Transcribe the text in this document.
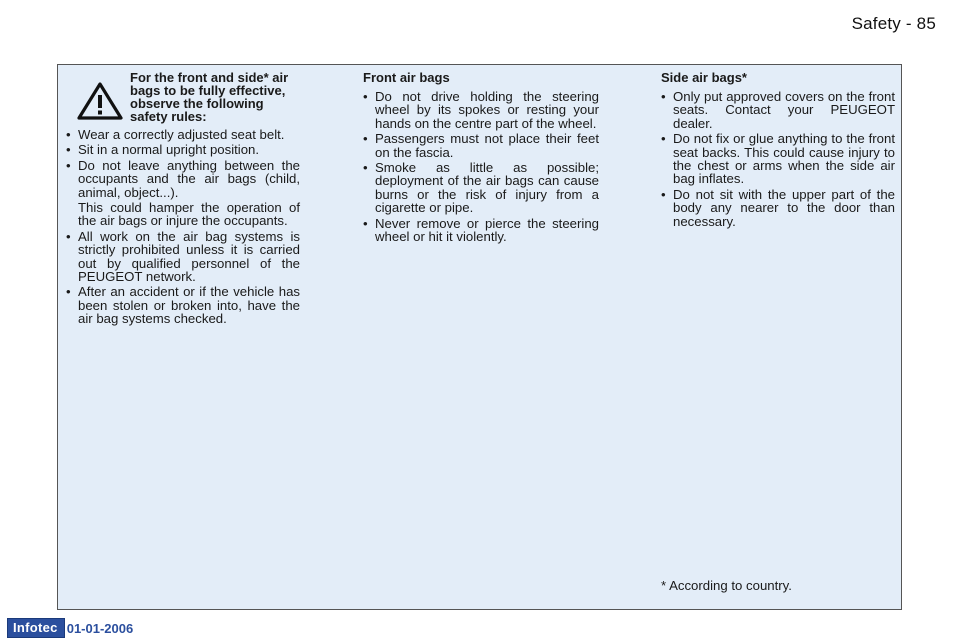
Safety - 85
For the front and side* air bags to be fully effective, observe the following safety rules:
• Wear a correctly adjusted seat belt.
• Sit in a normal upright position.
• Do not leave anything between the occupants and the air bags (child, animal, object...).
This could hamper the operation of the air bags or injure the occupants.
• All work on the air bag systems is strictly prohibited unless it is carried out by qualified personnel of the PEUGEOT network.
• After an accident or if the vehicle has been stolen or broken into, have the air bag systems checked.
Front air bags
• Do not drive holding the steering wheel by its spokes or resting your hands on the centre part of the wheel.
• Passengers must not place their feet on the fascia.
• Smoke as little as possible; deployment of the air bags can cause burns or the risk of injury from a cigarette or pipe.
• Never remove or pierce the steering wheel or hit it violently.
Side air bags*
• Only put approved covers on the front seats. Contact your PEUGEOT dealer.
• Do not fix or glue anything to the front seat backs. This could cause injury to the chest or arms when the side air bag inflates.
• Do not sit with the upper part of the body any nearer to the door than necessary.
* According to country.
Infotec 01-01-2006
